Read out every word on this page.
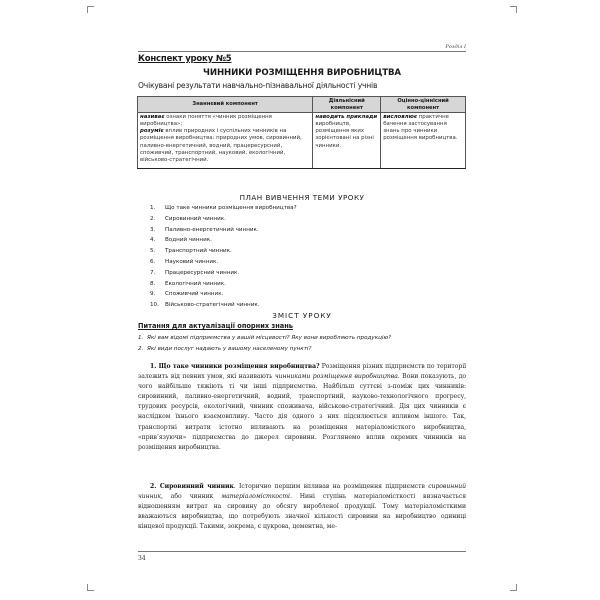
Розділ І
Конспект уроку №5
ЧИННИКИ РОЗМІЩЕННЯ ВИРОБНИЦТВА
Очікувані результати навчально-пізнавальної діяльності учнів
Знаннєвий компонент	Діяльнісний компонент	Оцінно-ціннісний компонент
називає ознаки поняття «чинник розміщення виробництва»;
розуміє вплив природних і суспільних чинників на розміщення виробництва: природних умов, сировинний, паливно-енергетичний, водний, працересурсний, споживчий, транспортний, науковий, екологічний, військово-стратегічний.	наводить приклади виробництв, розміщення яких зорієнтовані на різні чинники.	висловлює практичне бачення застосування знань про чинники розміщення виробництва.
ПЛАН ВИВЧЕННЯ ТЕМИ УРОКУ
1. Що таке чинники розміщення виробництва?
2. Сировинний чинник.
3. Паливно-енергетичний чинник.
4. Водний чинник.
5. Транспортний чинник.
6. Науковий чинник.
7. Працересурсний чинник.
8. Екологічний чинник.
9. Споживчий чинник.
10. Військово-стратегічний чинник.
ЗМІСТ УРОКУ
Питання для актуалізації опорних знань
1. Які вам відомі підприємства у вашій місцевості? Яку вони виробляють продукцію?
2. Які види послуг надають у вашому населеному пункті?
1. Що таке чинники розміщення виробництва? Розміщення різних підприємств по території залежить від певних умов, які називають чинниками розміщення виробництва. Вони показують, до чого найбільше тяжіють ті чи інші підприємства. Найбільш суттєві з-поміж цих чинників: сировинний, паливно-енергетичний, водний, транспортний, науково-технологічного прогресу, трудових ресурсів, екологічний, чинник споживача, військово-стратегічний. Дія цих чинників є наслідком їхнього взаємовпливу. Часто дія одного з них підсилюється впливом іншого. Так, транспортні витрати істотно впливають на розміщення матеріаломісткого виробництва, «прив’язуючи» підприємства до джерел сировини. Розглянемо вплив окремих чинників на розміщення виробництва.
2. Сировинний чинник. Історично першим впливав на розміщення підприємств сировинний чинник, або чинник матеріаломісткості. Нині ступінь матеріаломісткості визначається відношенням витрат на сировину до обсягу виробленої продукції. Тому матеріаломісткими вважаються виробництва, що потребують значної кількості сировини на виробництво одиниці кінцевої продукції. Такими, зокрема, є цукрова, цементна, ме-
34
